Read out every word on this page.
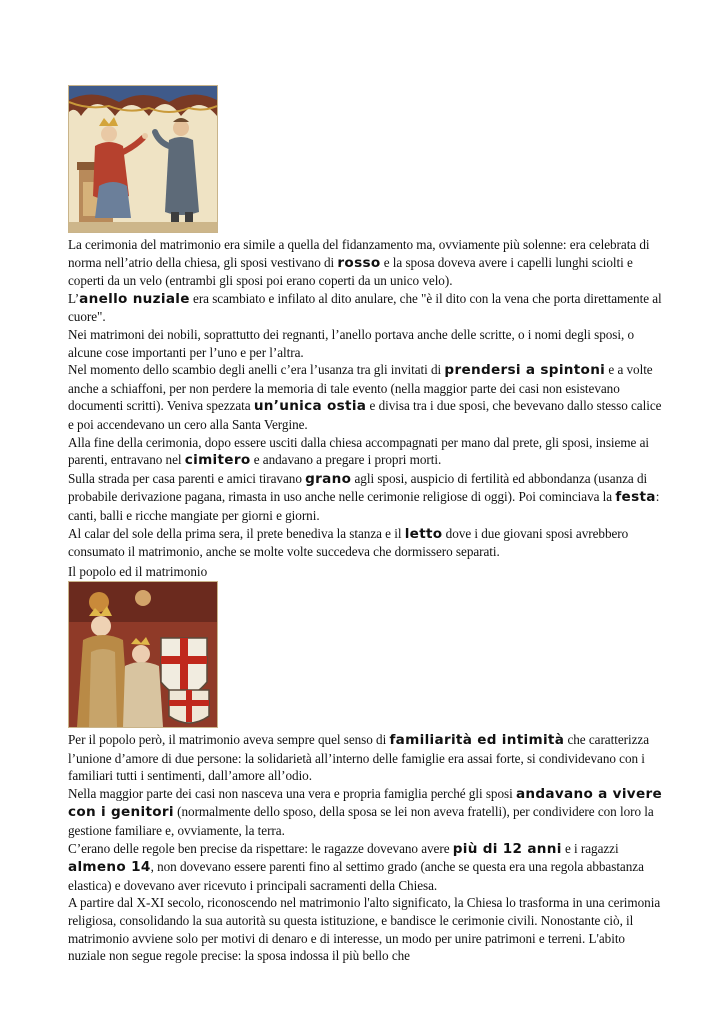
La cerimonia del matrimonio era simile a quella del fidanzamento ma, ovviamente più solenne: era celebrata di norma nell’atrio della chiesa, gli sposi vestivano di rosso e la sposa doveva avere i capelli lunghi sciolti e coperti da un velo (entrambi gli sposi poi erano coperti da un unico velo).

L’anello nuziale era scambiato e infilato al dito anulare, che "è il dito con la vena che porta direttamente al cuore".

Nei matrimoni dei nobili, soprattutto dei regnanti, l’anello portava anche delle scritte, o i nomi degli sposi, o alcune cose importanti per l’uno e per l’altra.

Nel momento dello scambio degli anelli c’era l’usanza tra gli invitati di prendersi a spintoni e a volte anche a schiaffoni, per non perdere la memoria di tale evento (nella maggior parte dei casi non esistevano documenti scritti). Veniva spezzata un’unica ostia e divisa tra i due sposi, che bevevano dallo stesso calice e poi accendevano un cero alla Santa Vergine.

Alla fine della cerimonia, dopo essere usciti dalla chiesa accompagnati per mano dal prete, gli sposi, insieme ai parenti, entravano nel cimitero e andavano a pregare i propri morti.

Sulla strada per casa parenti e amici tiravano grano agli sposi, auspicio di fertilità ed abbondanza (usanza di probabile derivazione pagana, rimasta in uso anche nelle cerimonie religiose di oggi). Poi cominciava la festa: canti, balli e ricche mangiate per giorni e giorni.

Al calar del sole della prima sera, il prete benediva la stanza e il letto dove i due giovani sposi avrebbero consumato il matrimonio, anche se molte volte succedeva che dormissero separati.

Il popolo ed il matrimonio

Per il popolo però, il matrimonio aveva sempre quel senso di familiarità ed intimità che caratterizza l’unione d’amore di due persone: la solidarietà all’interno delle famiglie era assai forte, si condividevano con i familiari tutti i sentimenti, dall’amore all’odio.

Nella maggior parte dei casi non nasceva una vera e propria famiglia perché gli sposi andavano a vivere con i genitori (normalmente dello sposo, della sposa se lei non aveva fratelli), per condividere con loro la gestione familiare e, ovviamente, la terra.

C’erano delle regole ben precise da rispettare: le ragazze dovevano avere più di 12 anni e i ragazzi almeno 14, non dovevano essere parenti fino al settimo grado (anche se questa era una regola abbastanza elastica) e dovevano aver ricevuto i principali sacramenti della Chiesa.

A partire dal X-XI secolo, riconoscendo nel matrimonio l'alto significato, la Chiesa lo trasforma in una cerimonia religiosa, consolidando la sua autorità su questa istituzione, e bandisce le cerimonie civili. Nonostante ciò, il matrimonio avviene solo per motivi di denaro e di interesse, un modo per unire patrimoni e terreni. L'abito nuziale non segue regole precise: la sposa indossa il più bello che
